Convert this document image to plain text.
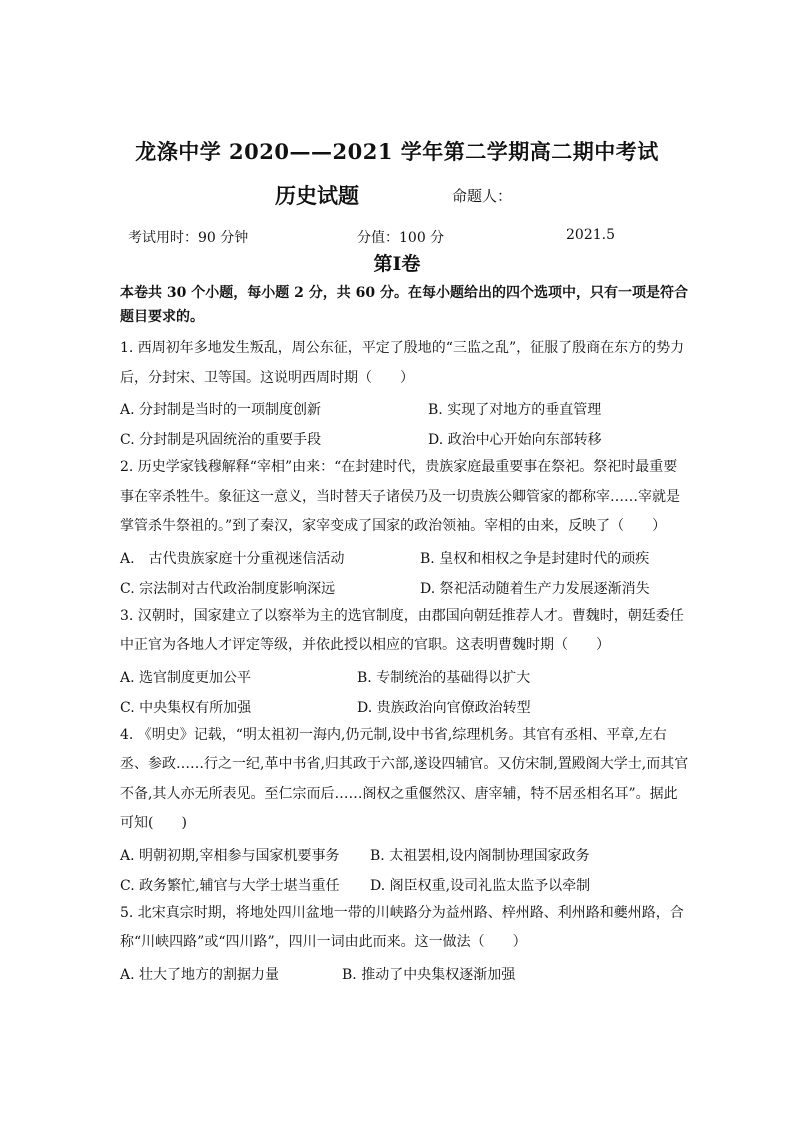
龙涤中学 2020——2021 学年第二学期高二期中考试
历史试题	命题人：
考试用时：90 分钟	分值：100 分	2021.5
第Ⅰ卷
本卷共 30 个小题，每小题 2 分，共 60 分。在每小题给出的四个选项中，只有一项是符合题目要求的。

1. 西周初年多地发生叛乱，周公东征，平定了殷地的“三监之乱”，征服了殷商在东方的势力后，分封宋、卫等国。这说明西周时期（　　）

A. 分封制是当时的一项制度创新	B. 实现了对地方的垂直管理
C. 分封制是巩固统治的重要手段	D. 政治中心开始向东部转移

2. 历史学家钱穆解释“宰相”由来：“在封建时代，贵族家庭最重要事在祭祀。祭祀时最重要事在宰杀牲牛。象征这一意义，当时替天子诸侯乃及一切贵族公卿管家的都称宰……宰就是掌管杀牛祭祖的。”到了秦汉，家宰变成了国家的政治领袖。宰相的由来，反映了（　　）

A.　古代贵族家庭十分重视迷信活动	B. 皇权和相权之争是封建时代的顽疾
C. 宗法制对古代政治制度影响深远	D. 祭祀活动随着生产力发展逐渐消失

3. 汉朝时，国家建立了以察举为主的选官制度，由郡国向朝廷推荐人才。曹魏时，朝廷委任中正官为各地人才评定等级，并依此授以相应的官职。这表明曹魏时期（　　）

A. 选官制度更加公平	B. 专制统治的基础得以扩大
C. 中央集权有所加强	D. 贵族政治向官僚政治转型

4. 《明史》记载，“明太祖初一海内,仍元制,设中书省,综理机务。其官有丞相、平章,左右丞、参政……行之一纪,革中书省,归其政于六部,遂设四辅官。又仿宋制,置殿阁大学士,而其官不备,其人亦无所表见。至仁宗而后……阁权之重偃然汉、唐宰辅，特不居丞相名耳”。据此可知(　　)

A. 明朝初期,宰相参与国家机要事务 B. 太祖罢相,设内阁制协理国家政务
C. 政务繁忙,辅官与大学士堪当重任 D. 阁臣权重,设司礼监太监予以牵制

5. 北宋真宗时期，将地处四川盆地一带的川峡路分为益州路、梓州路、利州路和夔州路，合称“川峡四路”或“四川路”，四川一词由此而来。这一做法（　　）

A. 壮大了地方的割据力量	B. 推动了中央集权逐渐加强
